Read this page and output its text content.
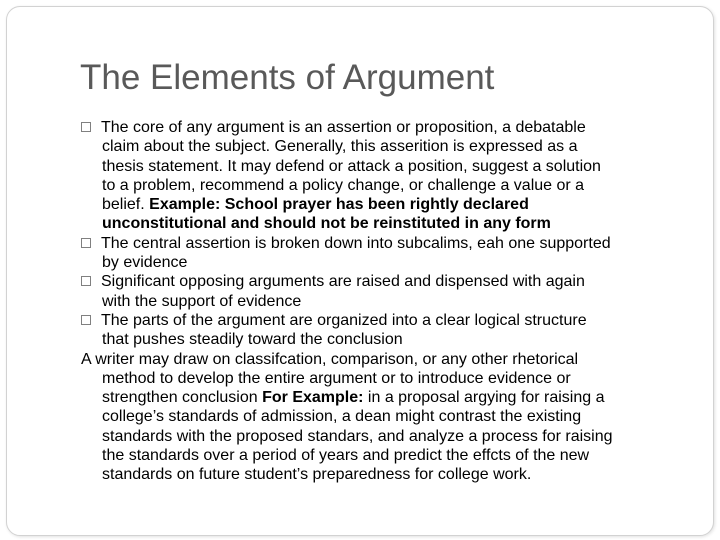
The Elements of Argument

The core of any argument is an assertion or proposition, a debatable
claim about the subject. Generally, this asserition is expressed as a
thesis statement. It may defend or attack a position, suggest a solution
to a problem, recommend a policy change, or challenge a value or a
belief. Example: School prayer has been rightly declared
unconstitutional and should not be reinstituted in any form

The central assertion is broken down into subcalims, eah one supported
by evidence

Significant opposing arguments are raised and dispensed with again
with the support of evidence

The parts of the argument are organized into a clear logical structure
that pushes steadily toward the conclusion

A writer may draw on classifcation, comparison, or any other rhetorical
method to develop the entire argument or to introduce evidence or
strengthen conclusion For Example: in a proposal argying for raising a
college’s standards of admission, a dean might contrast the existing
standards with the proposed standars, and analyze a process for raising
the standards over a period of years and predict the effcts of the new
standards on future student’s preparedness for college work.
